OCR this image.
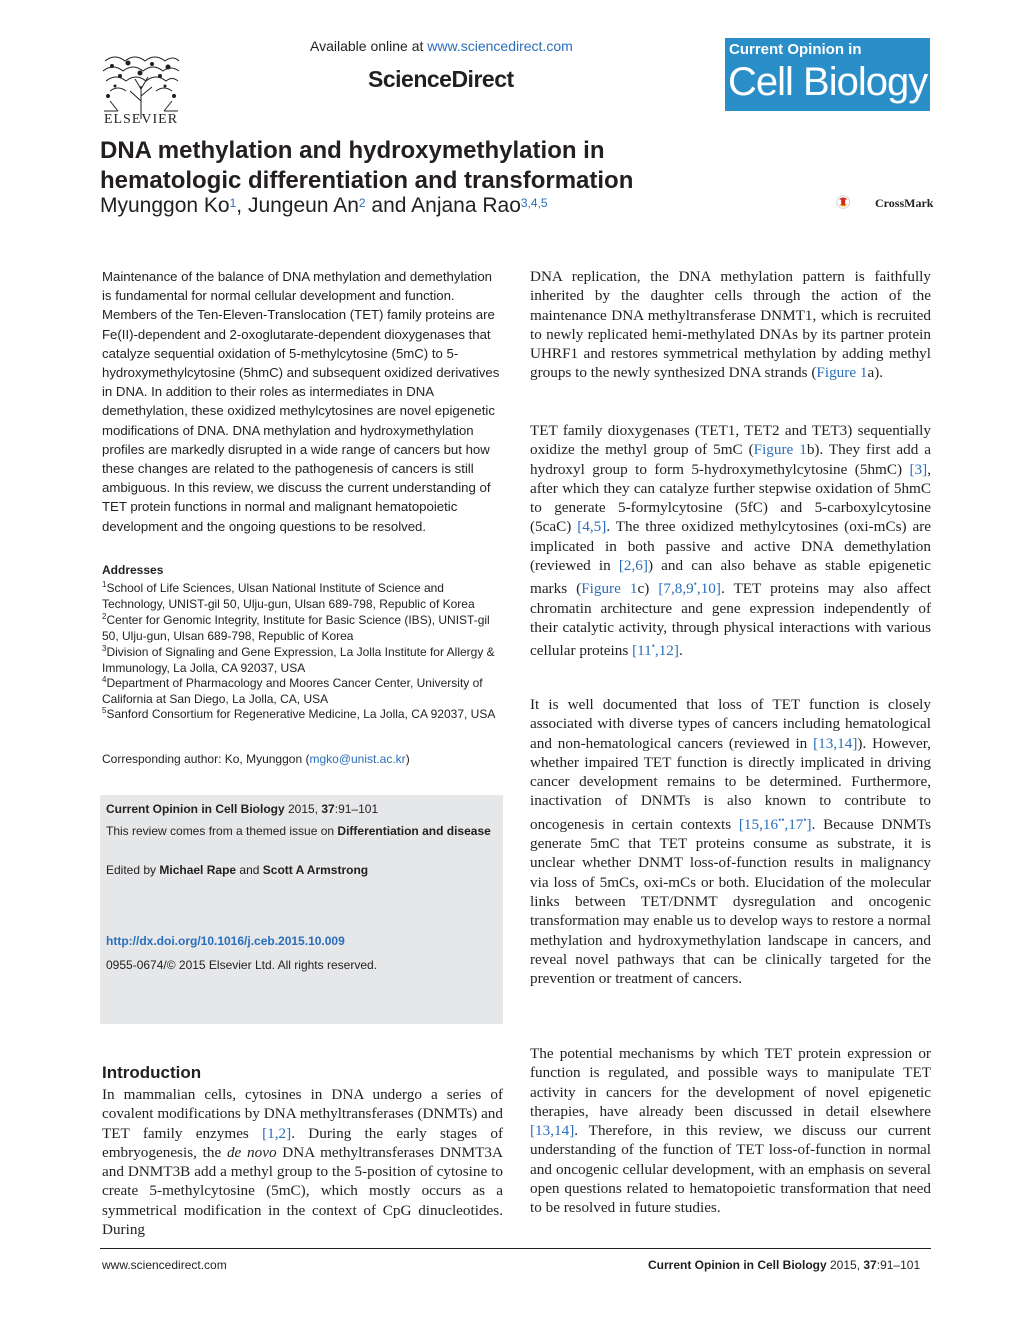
ELSEVIER
Available online at www.sciencedirect.com
ScienceDirect
Current Opinion in
Cell Biology
DNA methylation and hydroxymethylation in hematologic differentiation and transformation
Myunggon Ko$^1$, Jungeun An$^2$ and Anjana Rao$^{3,4,5}$	CrossMark
Maintenance of the balance of DNA methylation and demethylation is fundamental for normal cellular development and function. Members of the Ten-Eleven-Translocation (TET) family proteins are Fe(II)-dependent and 2-oxoglutarate-dependent dioxygenases that catalyze sequential oxidation of 5-methylcytosine (5mC) to 5-hydroxymethylcytosine (5hmC) and subsequent oxidized derivatives in DNA. In addition to their roles as intermediates in DNA demethylation, these oxidized methylcytosines are novel epigenetic modifications of DNA. DNA methylation and hydroxymethylation profiles are markedly disrupted in a wide range of cancers but how these changes are related to the pathogenesis of cancers is still ambiguous. In this review, we discuss the current understanding of TET protein functions in normal and malignant hematopoietic development and the ongoing questions to be resolved.
Addresses
$^1$School of Life Sciences, Ulsan National Institute of Science and Technology, UNIST-gil 50, Ulju-gun, Ulsan 689-798, Republic of Korea
$^2$Center for Genomic Integrity, Institute for Basic Science (IBS), UNIST-gil 50, Ulju-gun, Ulsan 689-798, Republic of Korea
$^3$Division of Signaling and Gene Expression, La Jolla Institute for Allergy & Immunology, La Jolla, CA 92037, USA
$^4$Department of Pharmacology and Moores Cancer Center, University of California at San Diego, La Jolla, CA, USA
$^5$Sanford Consortium for Regenerative Medicine, La Jolla, CA 92037, USA
Corresponding author: Ko, Myunggon (mgko@unist.ac.kr)
Current Opinion in Cell Biology 2015, 37:91–101
This review comes from a themed issue on Differentiation and disease
Edited by Michael Rape and Scott A Armstrong
http://dx.doi.org/10.1016/j.ceb.2015.10.009
0955-0674/© 2015 Elsevier Ltd. All rights reserved.
Introduction
In mammalian cells, cytosines in DNA undergo a series of covalent modifications by DNA methyltransferases (DNMTs) and TET family enzymes [1,2]. During the early stages of embryogenesis, the de novo DNA methyltransferases DNMT3A and DNMT3B add a methyl group to the 5-position of cytosine to create 5-methylcytosine (5mC), which mostly occurs as a symmetrical modification in the context of CpG dinucleotides. During
DNA replication, the DNA methylation pattern is faithfully inherited by the daughter cells through the action of the maintenance DNA methyltransferase DNMT1, which is recruited to newly replicated hemi-methylated DNAs by its partner protein UHRF1 and restores symmetrical methylation by adding methyl groups to the newly synthesized DNA strands (Figure 1a).
TET family dioxygenases (TET1, TET2 and TET3) sequentially oxidize the methyl group of 5mC (Figure 1b). They first add a hydroxyl group to form 5-hydroxymethylcytosine (5hmC) [3], after which they can catalyze further stepwise oxidation of 5hmC to generate 5-formylcytosine (5fC) and 5-carboxylcytosine (5caC) [4,5]. The three oxidized methylcytosines (oxi-mCs) are implicated in both passive and active DNA demethylation (reviewed in [2,6]) and can also behave as stable epigenetic marks (Figure 1c) [7,8,9•,10]. TET proteins may also affect chromatin architecture and gene expression independently of their catalytic activity, through physical interactions with various cellular proteins [11•,12].
It is well documented that loss of TET function is closely associated with diverse types of cancers including hematological and non-hematological cancers (reviewed in [13,14]). However, whether impaired TET function is directly implicated in driving cancer development remains to be determined. Furthermore, inactivation of DNMTs is also known to contribute to oncogenesis in certain contexts [15,16••,17•]. Because DNMTs generate 5mC that TET proteins consume as substrate, it is unclear whether DNMT loss-of-function results in malignancy via loss of 5mCs, oxi-mCs or both. Elucidation of the molecular links between TET/DNMT dysregulation and oncogenic transformation may enable us to develop ways to restore a normal methylation and hydroxymethylation landscape in cancers, and reveal novel pathways that can be clinically targeted for the prevention or treatment of cancers.
The potential mechanisms by which TET protein expression or function is regulated, and possible ways to manipulate TET activity in cancers for the development of novel epigenetic therapies, have already been discussed in detail elsewhere [13,14]. Therefore, in this review, we discuss our current understanding of the function of TET loss-of-function in normal and oncogenic cellular development, with an emphasis on several open questions related to hematopoietic transformation that need to be resolved in future studies.
www.sciencedirect.com	Current Opinion in Cell Biology 2015, 37:91–101
